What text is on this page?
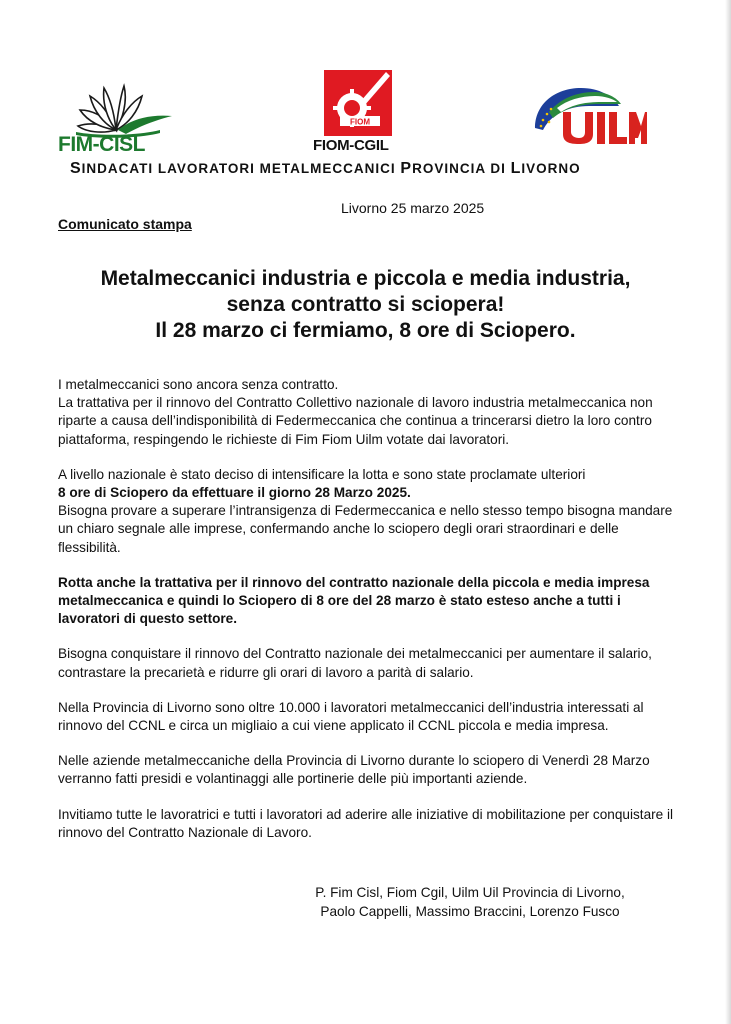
FIM-CISL
FIOM
FIOM-CGIL
SINDACATI LAVORATORI METALMECCANICI PROVINCIA DI LIVORNO
Livorno 25 marzo 2025
Comunicato stampa
Metalmeccanici industria e piccola e media industria,
senza contratto si sciopera!
Il 28 marzo ci fermiamo, 8 ore di Sciopero.

I metalmeccanici sono ancora senza contratto.
La trattativa per il rinnovo del Contratto Collettivo nazionale di lavoro industria metalmeccanica non riparte a causa dell’indisponibilità di Federmeccanica che continua a trincerarsi dietro la loro contro piattaforma, respingendo le richieste di Fim Fiom Uilm votate dai lavoratori.

A livello nazionale è stato deciso di intensificare la lotta e sono state proclamate ulteriori
8 ore di Sciopero da effettuare il giorno 28 Marzo 2025.
Bisogna provare a superare l’intransigenza di Federmeccanica e nello stesso tempo bisogna mandare un chiaro segnale alle imprese, confermando anche lo sciopero degli orari straordinari e delle flessibilità.

Rotta anche la trattativa per il rinnovo del contratto nazionale della piccola e media impresa metalmeccanica e quindi lo Sciopero di 8 ore del 28 marzo è stato esteso anche a tutti i lavoratori di questo settore.

Bisogna conquistare il rinnovo del Contratto nazionale dei metalmeccanici per aumentare il salario, contrastare la precarietà e ridurre gli orari di lavoro a parità di salario.

Nella Provincia di Livorno sono oltre 10.000 i lavoratori metalmeccanici dell’industria interessati al rinnovo del CCNL e circa un migliaio a cui viene applicato il CCNL piccola e media impresa.

Nelle aziende metalmeccaniche della Provincia di Livorno durante lo sciopero di Venerdì 28 Marzo verranno fatti presidi e volantinaggi alle portinerie delle più importanti aziende.

Invitiamo tutte le lavoratrici e tutti i lavoratori ad aderire alle iniziative di mobilitazione per conquistare il rinnovo del Contratto Nazionale di Lavoro.

P. Fim Cisl, Fiom Cgil, Uilm Uil Provincia di Livorno,
Paolo Cappelli, Massimo Braccini, Lorenzo Fusco
